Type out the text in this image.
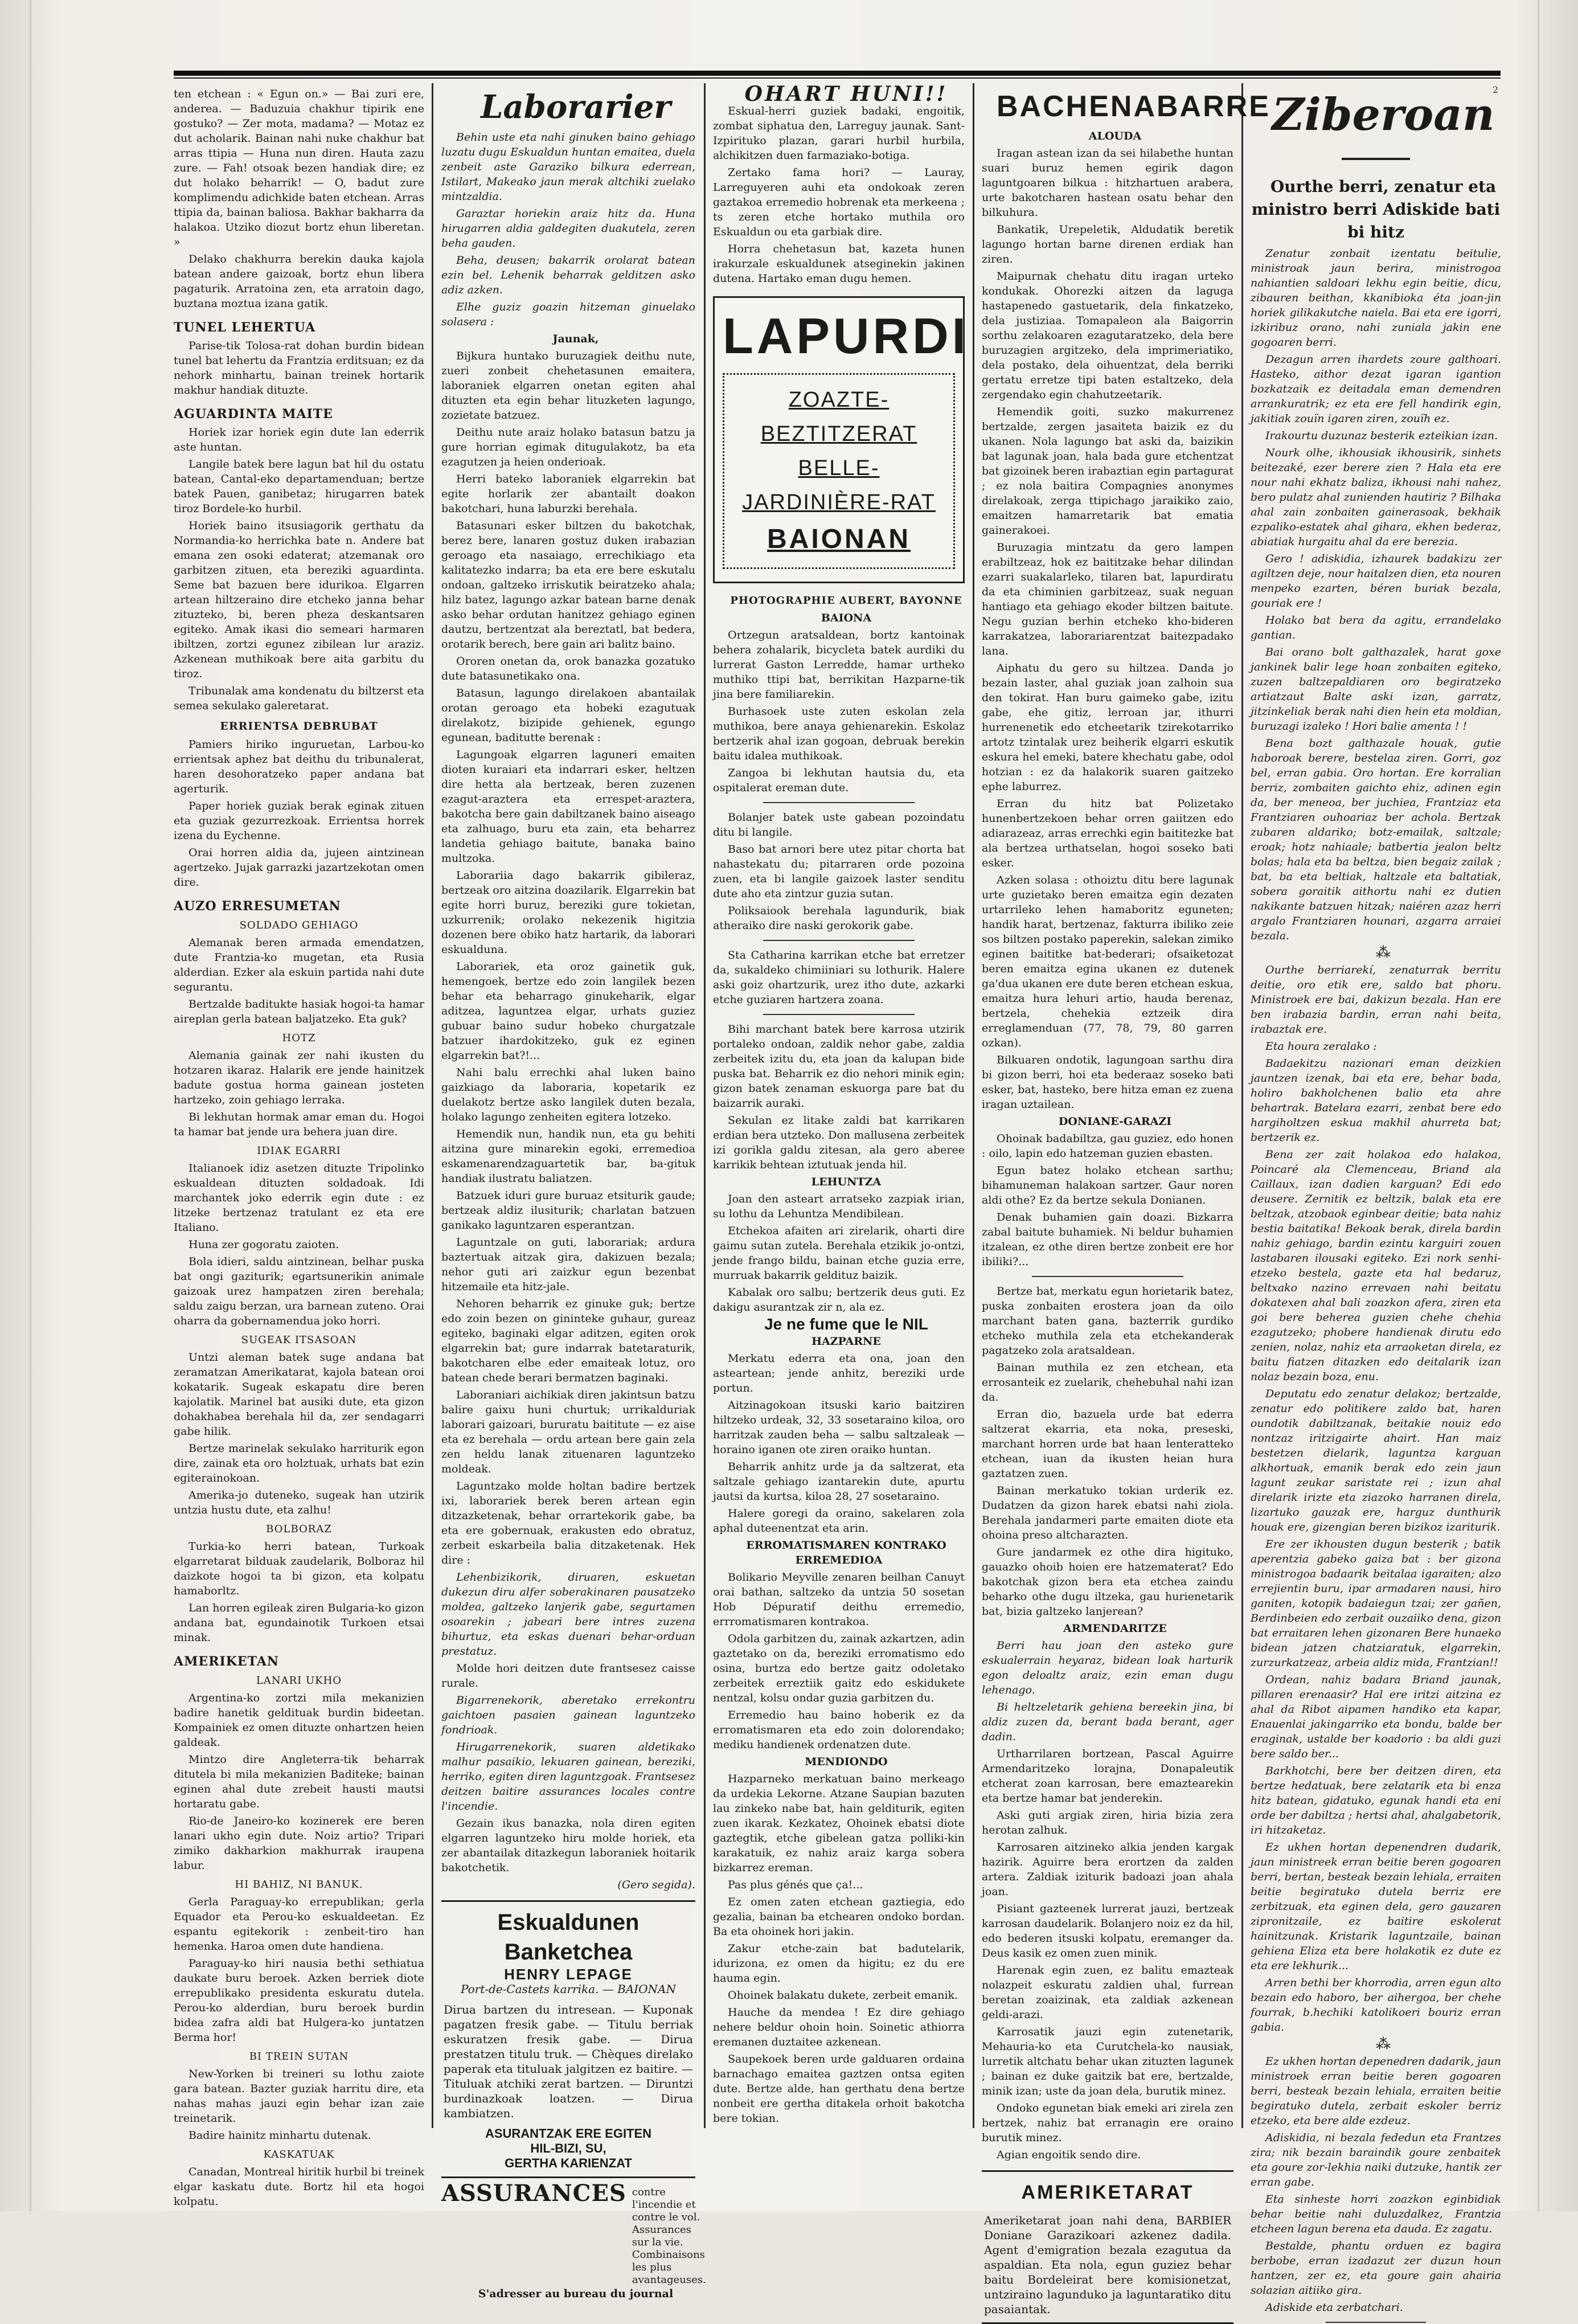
2

ten etchean : « Egun on.» — Bai zuri ere, anderea. — Baduzuia chakhur tipirik ene gostuko? — Zer mota, madama? — Motaz ez dut acholarik. Bainan nahi nuke chakhur bat arras ttipia — Huna nun diren. Hauta zazu zure. — Fah! otsoak bezen handiak dire; ez dut holako beharrik! — O, badut zure komplimendu adichkide baten etchean. Arras ttipia da, bainan baliosa. Bakhar bakharra da halakoa. Utziko diozut bortz ehun liberetan. »

Delako chakhurra berekin dauka kajola batean andere gaizoak, bortz ehun libera pagaturik. Arratoina zen, eta arratoin dago, buztana moztua izana gatik.

TUNEL LEHERTUA

Parise-tik Tolosa-rat dohan burdin bidean tunel bat lehertu da Frantzia erditsuan; ez da nehork minhartu, bainan treinek hortarik makhur handiak dituzte.

AGUARDINTA MAITE

Horiek izar horiek egin dute lan ederrik aste huntan.

Langile batek bere lagun bat hil du ostatu batean, Cantal-eko departamenduan; bertze batek Pauen, ganibetaz; hirugarren batek tiroz Bordele-ko hurbil.

Horiek baino itsusiagorik gerthatu da Normandia-ko herrichka bate n. Andere bat emana zen osoki edaterat; atzemanak oro garbitzen zituen, eta bereziki aguardinta. Seme bat bazuen bere idurikoa. Elgarren artean hiltzeraino dire etcheko janna behar zituzteko, bi, beren pheza deskantsaren egiteko. Amak ikasi dio semeari harmaren ibiltzen, zortzi egunez zibilean lur araziz. Azkenean muthikoak bere aita garbitu du tiroz.

Tribunalak ama kondenatu du biltzerst eta semea sekulako galeretarat.

ERRIENTSA DEBRUBAT

Pamiers hiriko inguruetan, Larbou-ko errientsak aphez bat deithu du tribunalerat, haren desohoratzeko paper andana bat agerturik.

Paper horiek guziak berak eginak zituen eta guziak gezurrezkoak. Errientsa horrek izena du Eychenne.

Orai horren aldia da, jujeen aintzinean agertzeko. Jujak garrazki jazartzekotan omen dire.

AUZO ERRESUMETAN

SOLDADO GEHIAGO

Alemanak beren armada emendatzen, dute Frantzia-ko mugetan, eta Rusia alderdian. Ezker ala eskuin partida nahi dute segurantu.

Bertzalde baditukte hasiak hogoi-ta hamar aireplan gerla batean baljatzeko. Eta guk?

HOTZ

Alemania gainak zer nahi ikusten du hotzaren ikaraz. Halarik ere jende hainitzek badute gostua horma gainean josteten hartzeko, zoin gehiago lerraka.

Bi lekhutan hormak amar eman du. Hogoi ta hamar bat jende ura behera juan dire.

IDIAK EGARRI

Italianoek idiz asetzen dituzte Tripolinko eskualdean dituzten soldadoak. Idi marchantek joko ederrik egin dute : ez litzeke bertzenaz tratulant ez eta ere Italiano.

Huna zer gogoratu zaioten.

Bola idieri, saldu aintzinean, belhar puska bat ongi gaziturik; egartsunerikin animale gaizoak urez hampatzen ziren berehala; saldu zaigu berzan, ura barnean zuteno. Orai oharra da gobernamendua joko horri.

SUGEAK ITSASOAN

Untzi aleman batek suge andana bat zeramatzan Amerikatarat, kajola batean oroi kokatarik. Sugeak eskapatu dire beren kajolatik. Marinel bat ausiki dute, eta gizon dohakhabea berehala hil da, zer sendagarri gabe hilik.

Bertze marinelak sekulako harriturik egon dire, zainak eta oro holztuak, urhats bat ezin egiterainokoan.

Amerika-jo duteneko, sugeak han utzirik untzia hustu dute, eta zalhu!

BOLBORAZ

Turkia-ko herri batean, Turkoak elgarretarat bilduak zaudelarik, Bolboraz hil daizkote hogoi ta bi gizon, eta kolpatu hamaborltz.

Lan horren egileak ziren Bulgaria-ko gizon andana bat, egundainotik Turkoen etsai minak.

AMERIKETAN

LANARI UKHO

Argentina-ko zortzi mila mekanizien badire hanetik geldituak burdin bideetan. Kompainiek ez omen dituzte onhartzen heien galdeak.

Mintzo dire Angleterra-tik beharrak ditutela bi mila mekanizien Baditeke; bainan eginen ahal dute zrebeit hausti mautsi hortaratu gabe.

Rio-de Janeiro-ko kozinerek ere beren lanari ukho egin dute. Noiz artio? Tripari zimiko dakharkion makhurrak iraupena labur.

HI BAHIZ, NI BANUK.

Gerla Paraguay-ko errepublikan; gerla Equador eta Perou-ko eskualdeetan. Ez espantu egitekorik : zenbeit-tiro han hemenka. Haroa omen dute handiena.

Paraguay-ko hiri nausia bethi sethiatua daukate buru beroek. Azken berriek diote errepublikako presidenta eskuratu dutela. Perou-ko alderdian, buru beroek burdin bidea zafra aldi bat Hulgera-ko juntatzen Berma hor!

BI TREIN SUTAN

New-Yorken bi treineri su lothu zaiote gara batean. Bazter guziak harritu dire, eta nahas mahas jauzi egin behar izan zaie treinetarik.

Badire hainitz minhartu dutenak.

KASKATUAK

Canadan, Montreal hiritik hurbil bi treinek elgar kaskatu dute. Bortz hil eta hogoi kolpatu.

Laborarier

Behin uste eta nahi ginuken baino gehiago luzatu dugu Eskualdun huntan emaitea, duela zenbeit aste Garaziko bilkura ederrean, Istilart, Makeako jaun merak altchiki zuelako mintzaldia.

Garaztar horiekin araiz hitz da. Huna hirugarren aldia galdegiten duakutela, zeren beha gauden.

Beha, deusen; bakarrik orolarat batean ezin bel. Lehenik beharrak gelditzen asko adiz azken.

Elhe guziz goazin hitzeman ginuelako solasera :

Jaunak,

Bijkura huntako buruzagiek deithu nute, zueri zonbeit chehetasunen emaitera, laboraniek elgarren onetan egiten ahal dituzten eta egin behar lituzketen lagungo, zozietate batzuez.

Deithu nute araiz holako batasun batzu ja gure horrian egimak ditugulakotz, ba eta ezagutzen ja heien onderioak.

Herri bateko laboraniek elgarrekin bat egite horlarik zer abantailt doakon bakotchari, huna laburzki berehala.

Batasunari esker biltzen du bakotchak, berez bere, lanaren gostuz duken irabazian geroago eta nasaiago, errechikiago eta kalitatezko indarra; ba eta ere bere eskutalu ondoan, galtzeko irriskutik beiratzeko ahala; hilz batez, lagungo azkar batean barne denak asko behar ordutan hanitzez gehiago eginen dautzu, bertzentzat ala bereztatl, bat bedera, orotarik berech, bere gain ari balitz baino.

Ororen onetan da, orok banazka gozatuko dute batasunetikako ona.

Batasun, lagungo direlakoen abantailak orotan geroago eta hobeki ezagutuak direlakotz, bizipide gehienek, egungo egunean, baditutte berenak :

Lagungoak elgarren laguneri emaiten dioten kuraiari eta indarrari esker, heltzen dire hetta ala bertzeak, beren zuzenen ezagut-araztera eta errespet-araztera, bakotcha bere gain dabiltzanek baino aiseago eta zalhuago, buru eta zain, eta beharrez landetia gehiago baitute, banaka baino multzoka.

Laborariia dago bakarrik gibileraz, bertzeak oro aitzina doazilarik. Elgarrekin bat egite horri buruz, bereziki gure tokietan, uzkurrenik; orolako nekezenik higitzia dozenen bere obiko hatz hartarik, da laborari eskualduna.

Laborariek, eta oroz gainetik guk, hemengoek, bertze edo zoin langilek bezen behar eta beharrago ginukeharik, elgar aditzea, laguntzea elgar, urhats guziez gubuar baino sudur hobeko churgatzale batzuer ihardokitzeko, guk ez eginen elgarrekin bat?!...

Nahi balu errechki ahal luken baino gaizkiago da laboraria, kopetarik ez duelakotz bertze asko langilek duten bezala, holako lagungo zenheiten egitera lotzeko.

Hemendik nun, handik nun, eta gu behiti aitzina gure minarekin egoki, erremedioa eskamenarendzaguartetik bar, ba-gituk handiak ilustratu baliatzen.

Batzuek iduri gure buruaz etsiturik gaude; bertzeak aldiz ilusiturik; charlatan batzuen ganikako laguntzaren esperantzan.

Laguntzale on guti, laborariak; ardura baztertuak aitzak gira, dakizuen bezala; nehor guti ari zaizkur egun bezenbat hitzemaile eta hitz-jale.

Nehoren beharrik ez ginuke guk; bertze edo zoin bezen on gininteke guhaur, gureaz egiteko, baginaki elgar aditzen, egiten orok elgarrekin bat; gure indarrak batetaraturik, bakotcharen elbe eder emaiteak lotuz, oro batean chede berari bermatzen baginaki.

Laboraniari aichikiak diren jakintsun batzu balire gaixu huni churtuk; urrikalduriak laborari gaizoari, bururatu baititute — ez aise eta ez berehala — ordu artean bere gain zela zen heldu lanak zituenaren laguntzeko moldeak.

Laguntzako molde holtan badire bertzek ixi, laborariek berek beren artean egin ditzazketenak, behar orrartekorik gabe, ba eta ere gobernuak, erakusten edo obratuz, zerbeit eskarbeila balia ditzaketenak. Hek dire :

Lehenbizikorik, diruaren, eskuetan dukezun diru alfer soberakinaren pausatzeko moldea, galtzeko lanjerik gabe, segurtamen osoarekin ; jabeari bere intres zuzena bihurtuz, eta eskas duenari behar-orduan prestatuz.

Molde hori deitzen dute frantsesez caisse rurale.

Bigarrenekorik, aberetako errekontru gaichtoen pasaien gainean laguntzeko fondrioak.

Hirugarrenekorik, suaren aldetikako malhur pasaikio, lekuaren gainean, bereziki, herriko, egiten diren laguntzgoak. Frantsesez deitzen baitire assurances locales contre l'incendie.

Gezain ikus banazka, nola diren egiten elgarren laguntzeko hiru molde horiek, eta zer abantailak ditazkegun laboraniek hoitarik bakotchetik.

(Gero segida).

Eskualdunen Banketchea
HENRY LEPAGE
Port-de-Castets karrika. — BAIONAN
Dirua bartzen du intresean. — Kuponak pagatzen fresik gabe. — Titulu berriak eskuratzen fresik gabe. — Dirua prestatzen titulu truk. — Chèques direlako paperak eta tituluak jalgitzen ez baitire. — Tituluak atchiki zerat bartzen. — Diruntzi burdinazkoak loatzen. — Dirua kambiatzen.
ASURANTZAK ERE EGITEN
HIL-BIZI, SU,
GERTHA KARIENZAT
ASSURANCES contre l'incendie et contre le vol. Assurances sur la vie. Combinaisons les plus avantageuses.

S'adresser au bureau du journal

OHART HUNI!!

Eskual-herri guziek badaki, engoitik, zombat siphatua den, Larreguy jaunak. Sant-Izpirituko plazan, garari hurbil hurbila, alchikitzen duen farmaziako-botiga.

Zertako fama hori? — Lauray, Larreguyeren auhi eta ondokoak zeren gaztakoa erremedio hobrenak eta merkeena ; ts zeren etche hortako muthila oro Eskualdun ou eta garbiak dire.

Horra chehetasun bat, kazeta hunen irakurzale eskualdunek atseginekin jakinen dutena. Hartako eman dugu hemen.

LAPURDI
ZOAZTE-BEZTITZERAT
BELLE-JARDINIÈRE-RAT
BAIONAN

PHOTOGRAPHIE AUBERT, BAYONNE

BAIONA

Ortzegun aratsaldean, bortz kantoinak behera zohalarik, bicycleta batek aurdiki du lurrerat Gaston Lerredde, hamar urtheko muthiko ttipi bat, berrikitan Hazparne-tik jina bere familiarekin.

Burhasoek uste zuten eskolan zela muthikoa, bere anaya gehienarekin. Eskolaz bertzerik ahal izan gogoan, debruak berekin baitu idalea muthikoak.

Zangoa bi lekhutan hautsia du, eta ospitalerat ereman dute.

Bolanjer batek uste gabean pozoindatu ditu bi langile.

Baso bat arnori bere utez pitar chorta bat nahastekatu du; pitarraren orde pozoina zuen, eta bi langile gaizoek laster senditu dute aho eta zintzur guzia sutan.

Poliksaiook berehala lagundurik, biak atheraiko dire naski gerokorik gabe.

Sta Catharina karrikan etche bat erretzer da, sukaldeko chimiiniari su lothurik. Halere aski goiz ohartzurik, urez itho dute, azkarki etche guziaren hartzera zoana.

Bihi marchant batek bere karrosa utzirik portaleko ondoan, zaldik nehor gabe, zaldia zerbeitek izitu du, eta joan da kalupan bide puska bat. Beharrik ez dio nehori minik egin; gizon batek zenaman eskuorga pare bat du baizarrik auraki.

Sekulan ez litake zaldi bat karrikaren erdian bera utzteko. Don mallusena zerbeitek izi gorikla galdu zitesan, ala gero aberee karrikik behtean iztutuak jenda hil.

LEHUNTZA

Joan den asteart arratseko zazpiak irian, su lothu da Lehuntza Mendibilean.

Etchekoa afaiten ari zirelarik, oharti dire gaimu sutan zutela. Berehala etzikik jo-ontzi, jende frango bildu, bainan etche guzia erre, murruak bakarrik geldituz baizik.

Kabalak oro salbu; bertzerik deus guti. Ez dakigu asurantzak zir n, ala ez.

Je ne fume que le NIL

HAZPARNE

Merkatu ederra eta ona, joan den asteartean; jende anhitz, bereziki urde portun.

Aitzinagokoan itsuski kario baitziren hiltzeko urdeak, 32, 33 sosetaraino kiloa, oro harritzak zauden beha — salbu saltzaleak — horaino iganen ote ziren oraiko huntan.

Beharrik anhitz urde ja da saltzerat, eta saltzale gehiago izantarekin dute, apurtu jautsi da kurtsa, kiloa 28, 27 sosetaraino.

Halere goregi da oraino, sakelaren zola aphal duteenentzat eta arin.

ERROMATISMAREN KONTRAKO ERREMEDIOA

Bolikario Meyville zenaren beilhan Canuyt orai bathan, saltzeko da untzia 50 sosetan Hob Dépuratif deithu erremedio, errromatismaren kontrakoa.

Odola garbitzen du, zainak azkartzen, adin gaztetako on da, bereziki erromatismo edo osina, burtza edo bertze gaitz odoletako zerbeitek erreztiik gaitz edo eskidukete nentzal, kolsu ondar guzia garbitzen du.

Erremedio hau baino hoberik ez da erromatismaren eta edo zoin dolorendako; mediku handienek ordenatzen dute.

MENDIONDO

Hazparneko merkatuan baino merkeago da urdekia Lekorne. Atzane Saupian bazuten lau zinkeko nabe bat, hain gelditurik, egiten zuen ikarak. Kezkatez, Ohoinek ebatsi diote gaztegtik, etche gibelean gatza polliki-kin karakatuik, ez nahiz araiz karga sobera bizkarrez ereman.

Pas plus génés que ça!...

Ez omen zaten etchean gaztiegia, edo gezalia, bainan ba etchearen ondoko bordan. Ba eta ohoinek hori jakin.

Zakur etche-zain bat badutelarik, idurizona, ez omen da higitu; ez du ere hauma egin.

Ohoinek balakatu dukete, zerbeit emanik.

Hauche da mendea ! Ez dire gehiago nehere beldur ohoin hoin. Soinetic athiorra eremanen duztaitee azkenean.

Saupekoek beren urde galduaren ordaina barnachago emaitea gaztzen ontsa egiten dute. Bertze alde, han gerthatu dena bertze nonbeit ere gertha ditakela orhoit bakotcha bere tokian.

BACHENABARRE

ALOUDA

Iragan astean izan da sei hilabethe huntan suari buruz hemen egirik dagon laguntgoaren bilkua : hitzhartuen arabera, urte bakotcharen hastean osatu behar den bilkuhura.

Bankatik, Urepeletik, Aldudatik beretik lagungo hortan barne direnen erdiak han ziren.

Maipurnak chehatu ditu iragan urteko kondukak. Ohorezki aitzen da laguga hastapenedo gastuetarik, dela finkatzeko, dela justiziaa. Tomapaleon ala Baigorrin sorthu zelakoaren ezagutaratzeko, dela bere buruzagien argitzeko, dela imprimeriatiko, dela postako, dela oihuentzat, dela berriki gertatu erretze tipi baten estaltzeko, dela zergendako egin chahutzeetarik.

Hemendik goiti, suzko makurrenez bertzalde, zergen jasaiteta baizik ez du ukanen. Nola lagungo bat aski da, baizikin bat lagunak joan, hala bada gure etchentzat bat gizoinek beren irabaztian egin partagurat ; ez nola baitira Compagnies anonymes direlakoak, zerga ttipichago jaraikiko zaio, emaitzen hamarretarik bat ematia gainerakoei.

Buruzagia mintzatu da gero lampen erabiltzeaz, hok ez baititzake behar dilindan ezarri suakalarleko, tilaren bat, lapurdiratu da eta chiminien garbitzeaz, suak neguan hantiago eta gehiago ekoder biltzen baitute. Negu guzian berhin etcheko kho-bideren karrakatzea, laborariarentzat baitezpadako lana.

Aiphatu du gero su hiltzea. Danda jo bezain laster, ahal guziak joan zalhoin sua den tokirat. Han buru gaimeko gabe, izitu gabe, ehe gitiz, lerroan jar, ithurri hurrenenetik edo etcheetarik tzirekotarriko artotz tzintalak urez beiherik elgarri eskutik eskura hel emeki, batere khechatu gabe, odol hotzian : ez da halakorik suaren gaitzeko ephe laburrez.

Erran du hitz bat Polizetako hunenbertzekoen behar orren gaiitzen edo adiarazeaz, arras errechki egin baititezke bat ala bertzea urthatselan, hogoi soseko bati esker.

Azken solasa : othoiztu ditu bere lagunak urte guzietako beren emaitza egin dezaten urtarrileko lehen hamaboritz eguneten; handik harat, bertzenaz, fakturra ibiliko zeie sos biltzen postako paperekin, salekan zimiko eginen baititke bat-bederari; ofsaiketozat beren emaitza egina ukanen ez dutenek ga'dua ukanen ere dute beren etchean eskua, emaitza hura lehuri artio, hauda berenaz, bertzela, chehekia eztzeik dira erreglamenduan (77, 78, 79, 80 garren ozkan).

Bilkuaren ondotik, lagungoan sarthu dira bi gizon berri, hoi eta bederaaz soseko bati esker, bat, hasteko, bere hitza eman ez zuena iragan uztailean.

DONIANE-GARAZI

Ohoinak badabiltza, gau guziez, edo honen : oilo, lapin edo hatzeman guzien ebasten.

Egun batez holako etchean sarthu; bihamuneman halakoan sartzer. Gaur noren aldi othe? Ez da bertze sekula Donianen.

Denak buhamien gain doazi. Bizkarra zabal baitute buhamiek. Ni beldur buhamien itzalean, ez othe diren bertze zonbeit ere hor ibiliki?...

Bertze bat, merkatu egun horietarik batez, puska zonbaiten erostera joan da oilo marchant baten gana, bazterrik gurdiko etcheko muthila zela eta etchekanderak pagatzeko zola aratsaldean.

Bainan muthila ez zen etchean, eta errosanteik ez zuelarik, chehebuhal nahi izan da.

Erran dio, bazuela urde bat ederra saltzerat ekarria, eta noka, preseski, marchant horren urde bat haan lenteratteko etchean, iuan da ikusten heian hura gaztatzen zuen.

Bainan merkatuko tokian urderik ez. Dudatzen da gizon harek ebatsi nahi ziola. Berehala jandarmeri parte emaiten diote eta ohoina preso altcharazten.

Gure jandarmek ez othe dira higituko, gauazko ohoib hoien ere hatzematerat? Edo bakotchak gizon bera eta etchea zaindu beharko othe dugu iltzeka, gau hurienetarik bat, bizia galtzeko lanjerean?

ARMENDARITZE

Berri hau joan den asteko gure eskualerrain heyaraz, bidean loak harturik egon deloaltz araiz, ezin eman dugu lehenago.

Bi heltzeletarik gehiena bereekin jina, bi aldiz zuzen da, berant bada berant, ager dadin.

Urtharrilaren bortzean, Pascal Aguirre Armendaritzeko lorajna, Donapaleutik etcherat zoan karrosan, bere emaztearekin eta bertze hamar bat jenderekin.

Aski guti argiak ziren, hiria bizia zera herotan zalhuk.

Karrosaren aitzineko alkia jenden kargak hazirik. Aguirre bera erortzen da zalden artera. Zaldiak iziturik badoazi joan ahala joan.

Pisiant gazteenek lurrerat jauzi, bertzeak karrosan daudelarik. Bolanjero noiz ez da hil, edo bederen itsuski kolpatu, eremanger da. Deus kasik ez omen zuen minik.

Harenak egin zuen, ez balitu emazteak nolazpeit eskuratu zaldien uhal, furrean beretan zoaizinak, eta zaldiak azkenean geldi-arazi.

Karrosatik jauzi egin zutenetarik, Mehauria-ko eta Curutchela-ko nausiak, lurretik altchatu behar ukan zituzten lagunek ; bainan ez duke gaitzik bat ere, bertzalde, minik izan; uste da joan dela, burutik minez.

Ondoko egunetan biak emeki ari zirela zen bertzek, nahiz bat erranagin ere oraino burutik minez.

Agian engoitik sendo dire.

AMERIKETARAT
Ameriketarat joan nahi dena, BARBIER Doniane Garazikoari azkenez dadila. Agent d'emigration bezala ezagutua da aspaldian. Eta nola, egun guziez behar baitu Bordeleirat bere komisionetzat, untziraino lagunduko ja laguntaratiko ditu pasaiantak.

Ziberoan

Ourthe berri, zenatur eta ministro berri Adiskide bati bi hitz

Zenatur zonbait izentatu beitulie, ministroak jaun berira, ministrogoa nahiantien saldoari lekhu egin beitie, dicu, zibauren beithan, kkanibioka éta joan-jin horiek gilikakutche naiela. Bai eta ere igorri, izkiribuz orano, nahi zuniala jakin ene gogoaren berri.

Dezagun arren ihardets zoure galthoari. Hasteko, aithor dezat igaran igantion bozkatzaik ez deitadala eman demendren arrankuratrik; ez eta ere fell handirik egin, jakitiak zouïn igaren ziren, zouïh ez.

Irakourtu duzunaz besterik ezteikian izan.

Nourk olhe, ikhousiak ikhousirik, sinhets beitezaké, ezer berere zien ? Hala eta ere nour nahi ekhatz baliza, ikhousi nahi nahez, bero pulatz ahal zunienden hautiriz ? Bilhaka ahal zain zonbaiten gainerasoak, bekhaik ezpaliko-estatek ahal gihara, ekhen bederaz, abiatiak hurgaitu ahal da ere berezia.

Gero ! adiskidia, izhaurek badakizu zer agiltzen deje, nour haitalzen dien, eta nouren menpeko ezarten, béren buriak bezala, gouriak ere !

Holako bat bera da agitu, errandelako gantian.

Bai orano bolt galthazalek, harat goxe jankinek balir lege hoan zonbaiten egiteko, zuzen baltzepaldiaren oro begiratzeko artiatzaut Balte aski izan, garratz, jitzinkeliak berak nahi dien hein eta moldian, buruzagi izaleko ! Hori balie amenta ! !

Bena bozt galthazale houak, gutie haboroak berere, bestelaa ziren. Gorri, goz bel, erran gabia. Oro hortan. Ere korralian berriz, zombaiten gaichto ehiz, adinen egin da, ber meneoa, ber juchiea, Frantziaz eta Frantziaren ouhoariaz ber achola. Bertzak zubaren aldariko; botz-emailak, saltzale; eroak; hotz nahiaale; batbertia jealon beltz bolas; hala eta ba beltza, bien begaiz zailak ; bat, ba eta beltiak, haltzale eta baltatiak, sobera goraitik aithortu nahi ez dutien nakikante batzuen hitzak; naiéren azaz herri argalo Frantziaren hounari, azgarra arraiei bezala.

⁂

Ourthe berriarekí, zenaturrak berritu deitie, oro etik ere, saldo bat phoru. Ministroek ere bai, dakizun bezala. Han ere ben irabazia bardin, erran nahi beita, irabaztak ere.

Eta houra zeralako :

Badaekitzu nazionari eman deizkien jauntzen izenak, bai eta ere, behar bada, holiro bakholchenen balio eta ahre behartrak. Batelara ezarri, zenbat bere edo hargiholtzen eskua makhil ahurreta bat; bertzerik ez.

Bena zer zait holakoa edo halakoa, Poincaré ala Clemenceau, Briand ala Caillaux, izan dadien karguan? Edi edo deusere. Zernitik ez beltzik, balak eta ere beltzak, atzobaok eginbear deitie; bata nahiz bestia baitatika! Bekoak berak, direla bardin nahiz gehiago, bardin ezintu karguiri zouen lastabaren ilousaki egiteko. Ezi nork senhi-etzeko bestela, gazte eta hal bedaruz, beltxako nazino errevaen nahi beitatu dokatexen ahal bali zoazkon afera, ziren eta goi bere beherea guzien chehe chehia ezagutzeko; phobere handienak dirutu edo zenien, nolaz, nahiz eta arraoketan direla, ez baitu fiatzen ditazken edo deitalarik izan nolaz bezain boza, enu.

Deputatu edo zenatur delakoz; bertzalde, zenatur edo politikere zaldo bat, haren oundotik dabiltzanak, beitakie nouiz edo nontzaz iritzigairte ahairt. Han maiz bestetzen dielarik, laguntza karguan alkhortuak, emanik berak edo zein jaun lagunt zeukar saristate rei ; izun ahal direlarik irizte eta ziazoko harranen direla, lizartuko gauzak ere, harguz dunthurik houak ere, gizengian beren bizikoz izariturik.

Ere zer ikhousten dugun besterik ; batik aperentzia gabeko gaiza bat : ber gizona ministrogoa badaarik beitalaa igaraiten; alzo errejientin buru, ipar armadaren nausi, hiro ganiten, kotopik badaiegun tzai; zer gañen, Berdinbeien edo zerbait ouzaiiko dena, gizon bat erraitaren lehen gizonaren Bere hunaeko bidean jatzen chatziaratuk, elgarrekin, zurzurkatzeaz, arbeia aldiz mida, Frantzian!!

Ordean, nahiz badara Briand jaunak, pillaren erenaasir? Hal ere iritzi aitzina ez ahal da Ribot aipamen handiko eta kapar, Enauenlai jakingarriko eta bondu, balde ber eraginak, ustalde ber koadorio : ba aldi guzi bere saldo ber...

Barkhotchi, bere ber deitzen diren, eta bertze hedatuak, bere zelatarik eta bi enza hitz batean, gidatuko, egunak handi eta eni orde ber dabiltza ; hertsi ahal, ahalgabetorik, iri hitzaketaz.

Ez ukhen hortan depenendren dudarik, jaun ministreek erran beitie beren gogoaren berri, bertan, besteak bezain lehiala, erraiten beitie begiratuko dutela berriz ere zerbitzuak, eta eginen dela, gero gauzaren zipronitzaile, ez baitire eskolerat hainitzunak. Kristarik laguntzaile, bainan gehiena Eliza eta bere holakotik ez dute ez eta ere lekhurik...

Arren bethi ber khorrodia, arren egun alto bezain edo haboro, ber aihergoa, ber chehe fourrak, b.hechiki katolikoeri bouriz erran gabia.

⁂

Ez ukhen hortan depenedren dadarik, jaun ministroek erran beitie beren gogoaren berri, besteak bezain lehiala, erraiten beitie begiratuko dutela, zerbait eskoler berriz etzeko, eta bere alde ezdeuz.

Adiskidia, ni bezala fededun eta Frantzes zira; nik bezain baraindik goure zenbaitek eta goure zor-lekhia naiki dutzuke, hantik zer erran gabe.

Eta sinheste horri zoazkon eginbidiak behar beitie nahi duluzdalkez, Frantzia etcheen lagun berena eta dauda. Ez zagatu.

Bestalde, phantu orduen ez bagira berbobe, erran izadazut zer duzun houn hantzen, zer ez, eta goure gain ahairia solazian aitiiko gira.

Adiskide eta zerbatchari.
